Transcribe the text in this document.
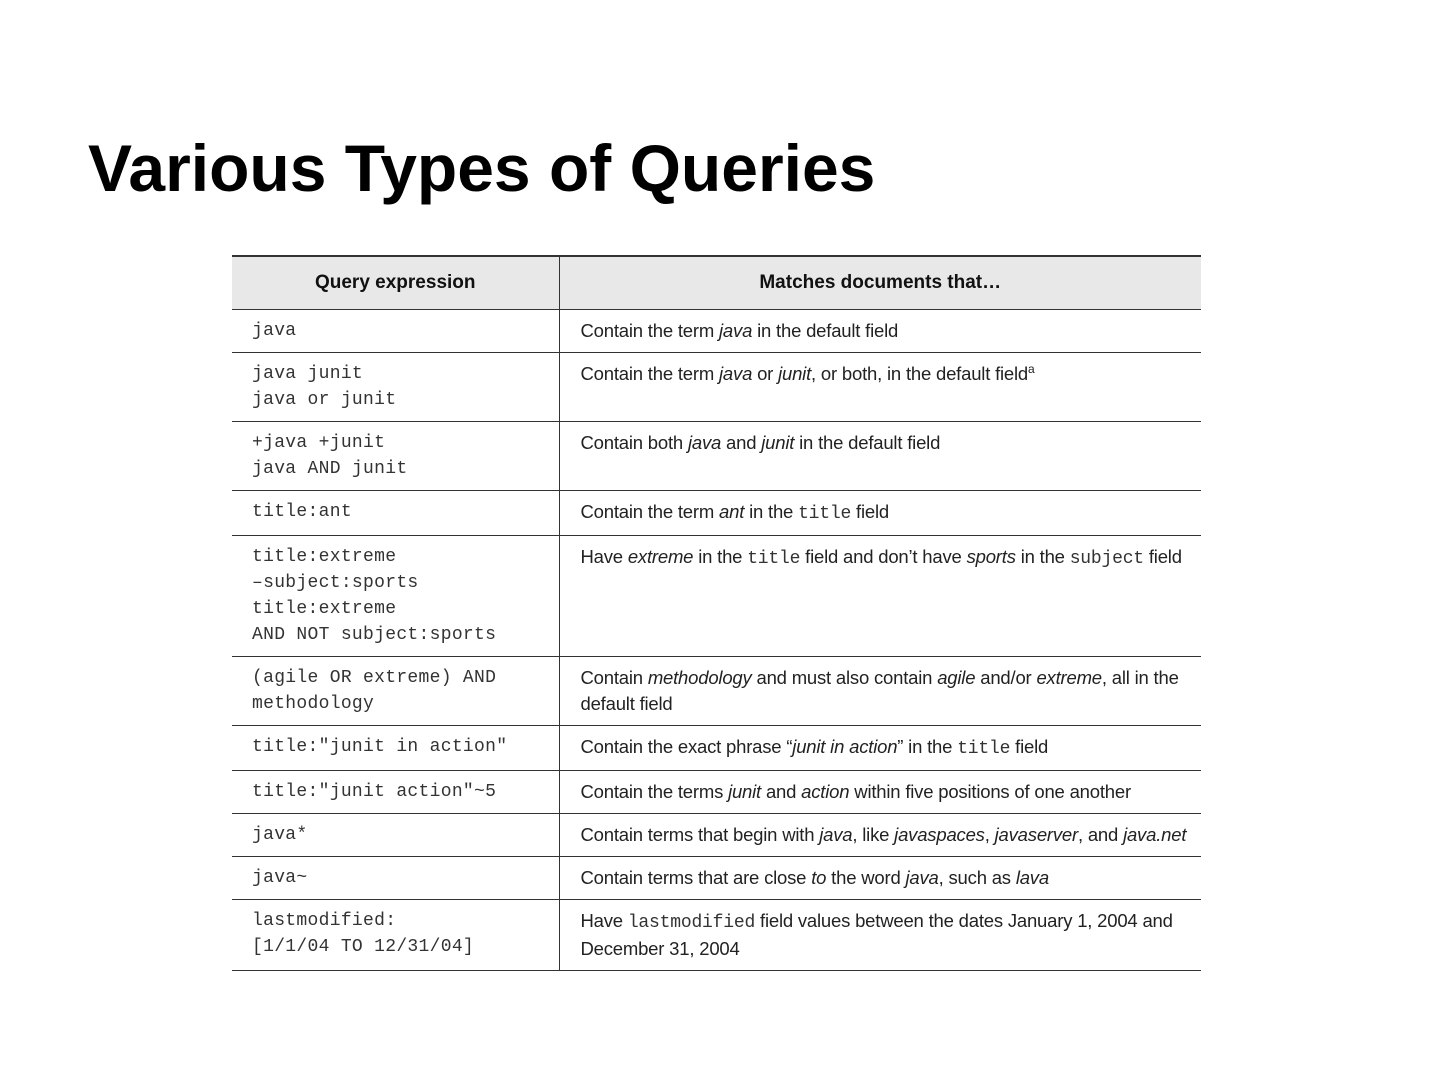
Various Types of Queries
Query expression	Matches documents that…
java	Contain the term java in the default field
java junit
java or junit	Contain the term java or junit, or both, in the default field$^a$
+java +junit
java AND junit	Contain both java and junit in the default field
title:ant	Contain the term ant in the title field
title:extreme
–subject:sports
title:extreme
AND NOT subject:sports	Have extreme in the title field and don’t have sports in the subject field
(agile OR extreme) AND
methodology	Contain methodology and must also contain agile and/or extreme, all in the default field
title:"junit in action"	Contain the exact phrase “junit in action” in the title field
title:"junit action"~5	Contain the terms junit and action within five positions of one another
java*	Contain terms that begin with java, like javaspaces, javaserver, and java.net
java~	Contain terms that are close to the word java, such as lava
lastmodified:
[1/1/04 TO 12/31/04]	Have lastmodified field values between the dates January 1, 2004 and December 31, 2004
